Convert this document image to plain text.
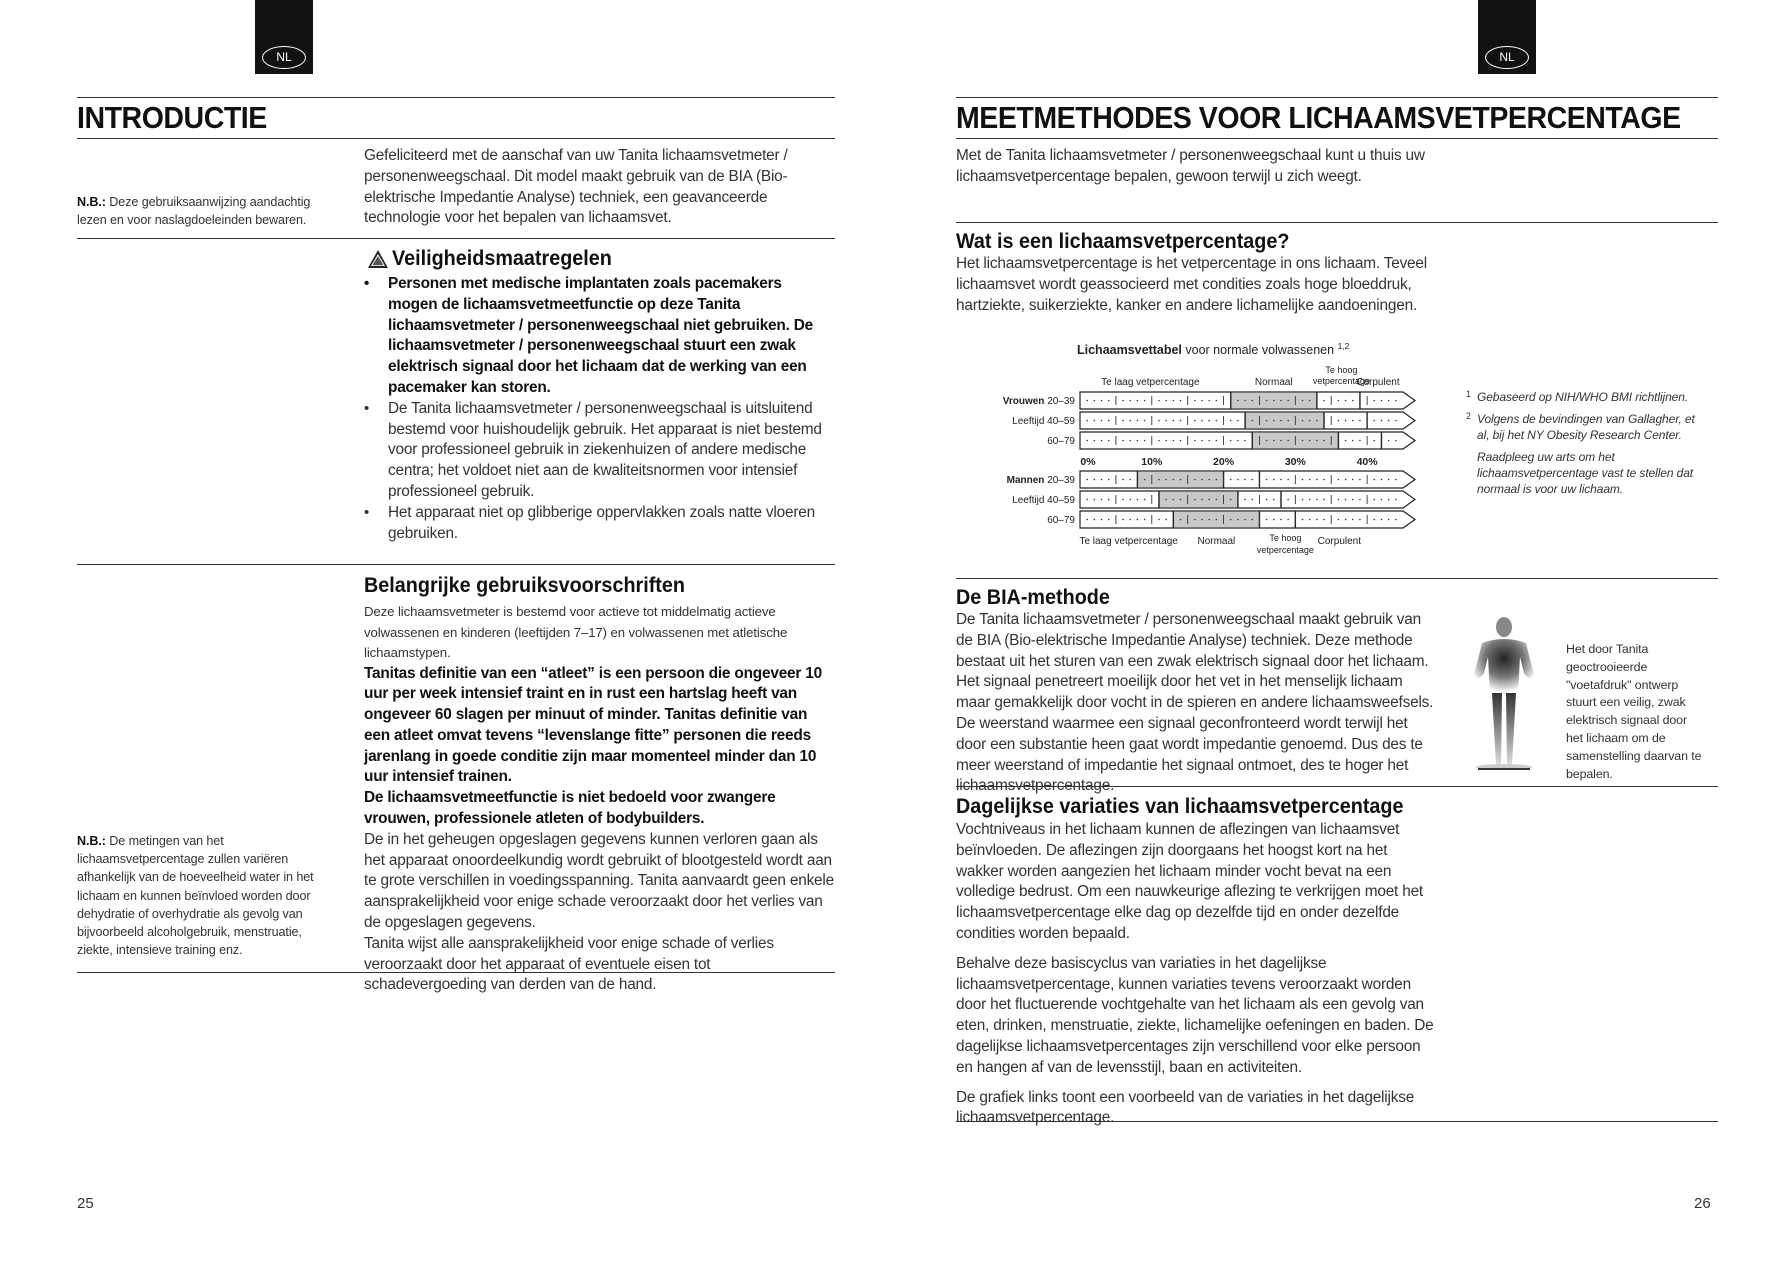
NL	NL
INTRODUCTIE
Gefeliciteerd met de aanschaf van uw Tanita lichaamsvetmeter / personenweegschaal. Dit model maakt gebruik van de BIA (Bio-elektrische Impedantie Analyse) techniek, een geavanceerde technologie voor het bepalen van lichaamsvet.
N.B.: Deze gebruiksaanwijzing aandachtig lezen en voor naslagdoeleinden bewaren.
Veiligheidsmaatregelen
• Personen met medische implantaten zoals pacemakers mogen de lichaamsvetmeetfunctie op deze Tanita lichaamsvetmeter / personenweegschaal niet gebruiken. De lichaamsvetmeter / personenweegschaal stuurt een zwak elektrisch signaal door het lichaam dat de werking van een pacemaker kan storen.
• De Tanita lichaamsvetmeter / personenweegschaal is uitsluitend bestemd voor huishoudelijk gebruik. Het apparaat is niet bestemd voor professioneel gebruik in ziekenhuizen of andere medische centra; het voldoet niet aan de kwaliteitsnormen voor intensief professioneel gebruik.
• Het apparaat niet op glibberige oppervlakken zoals natte vloeren gebruiken.
Belangrijke gebruiksvoorschriften
Deze lichaamsvetmeter is bestemd voor actieve tot middelmatig actieve volwassenen en kinderen (leeftijden 7–17) en volwassenen met atletische lichaamstypen.
Tanitas definitie van een “atleet” is een persoon die ongeveer 10 uur per week intensief traint en in rust een hartslag heeft van ongeveer 60 slagen per minuut of minder. Tanitas definitie van een atleet omvat tevens “levenslange fitte” personen die reeds jarenlang in goede conditie zijn maar momenteel minder dan 10 uur intensief trainen.
De lichaamsvetmeetfunctie is niet bedoeld voor zwangere vrouwen, professionele atleten of bodybuilders.
De in het geheugen opgeslagen gegevens kunnen verloren gaan als het apparaat onoordeelkundig wordt gebruikt of blootgesteld wordt aan te grote verschillen in voedingsspanning. Tanita aanvaardt geen enkele aansprakelijkheid voor enige schade veroorzaakt door het verlies van de opgeslagen gegevens.
Tanita wijst alle aansprakelijkheid voor enige schade of verlies veroorzaakt door het apparaat of eventuele eisen tot schadevergoeding van derden van de hand.
N.B.: De metingen van het lichaamsvetpercentage zullen variëren afhankelijk van de hoeveelheid water in het lichaam en kunnen beïnvloed worden door dehydratie of overhydratie als gevolg van bijvoorbeeld alcoholgebruik, menstruatie, ziekte, intensieve training enz.
25
MEETMETHODES VOOR LICHAAMSVETPERCENTAGE
Met de Tanita lichaamsvetmeter / personenweegschaal kunt u thuis uw lichaamsvetpercentage bepalen, gewoon terwijl u zich weegt.
Wat is een lichaamsvetpercentage?
Het lichaamsvetpercentage is het vetpercentage in ons lichaam. Teveel lichaamsvet wordt geassocieerd met condities zoals hoge bloeddruk, hartziekte, suikerziekte, kanker en andere lichamelijke aandoeningen.
Lichaamsvettabel voor normale volwassenen $^{1,2}$
Te laag vetpercentage	Normaal
Te hoog
vetpercentage
Corpulent
Vrouwen 20–39
Leeftijd 40–59
60–79
0%	10%	20%	30%	40%
Mannen 20–39
Leeftijd 40–59
60–79
Te laag vetpercentage Normaal	Te hoog
vetpercentage
Corpulent
1 Gebaseerd op NIH/WHO BMI richtlijnen.
2 Volgens de bevindingen van Gallagher, et al, bij het NY Obesity Research Center.
Raadpleeg uw arts om het lichaamsvetpercentage vast te stellen dat normaal is voor uw lichaam.
De BIA-methode
De Tanita lichaamsvetmeter / personenweegschaal maakt gebruik van de BIA (Bio-elektrische Impedantie Analyse) techniek. Deze methode bestaat uit het sturen van een zwak elektrisch signaal door het lichaam. Het signaal penetreert moeilijk door het vet in het menselijk lichaam maar gemakkelijk door vocht in de spieren en andere lichaamsweefsels. De weerstand waarmee een signaal geconfronteerd wordt terwijl het door een substantie heen gaat wordt impedantie genoemd. Dus des te meer weerstand of impedantie het signaal ontmoet, des te hoger het lichaamsvetpercentage.
Het door Tanita geoctrooieerde "voetafdruk" ontwerp stuurt een veilig, zwak elektrisch signaal door het lichaam om de samenstelling daarvan te bepalen.
Dagelijkse variaties van lichaamsvetpercentage
Vochtniveaus in het lichaam kunnen de aflezingen van lichaamsvet beïnvloeden. De aflezingen zijn doorgaans het hoogst kort na het wakker worden aangezien het lichaam minder vocht bevat na een volledige bedrust. Om een nauwkeurige aflezing te verkrijgen moet het lichaamsvetpercentage elke dag op dezelfde tijd en onder dezelfde condities worden bepaald.
Behalve deze basiscyclus van variaties in het dagelijkse lichaamsvetpercentage, kunnen variaties tevens veroorzaakt worden door het fluctuerende vochtgehalte van het lichaam als een gevolg van eten, drinken, menstruatie, ziekte, lichamelijke oefeningen en baden. De dagelijkse lichaamsvetpercentages zijn verschillend voor elke persoon en hangen af van de levensstijl, baan en activiteiten.
De grafiek links toont een voorbeeld van de variaties in het dagelijkse lichaamsvetpercentage.
26
